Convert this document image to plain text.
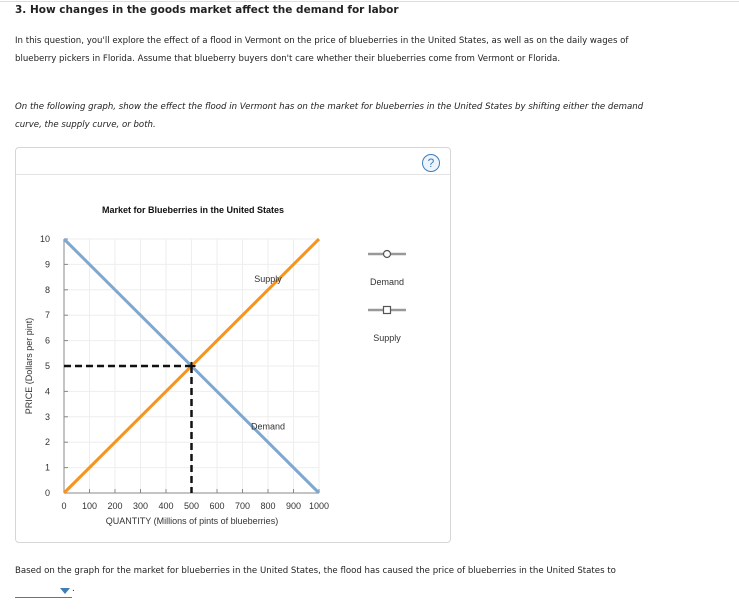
3. How changes in the goods market affect the demand for labor
In this question, you'll explore the effect of a flood in Vermont on the price of blueberries in the United States, as well as on the daily wages of
blueberry pickers in Florida. Assume that blueberry buyers don't care whether their blueberries come from Vermont or Florida.
On the following graph, show the effect the flood in Vermont has on the market for blueberries in the United States by shifting either the demand
curve, the supply curve, or both.
?
0 100 200 300 400 500 600 700 800 900 1000
0
1
2
3
4
5
6
7
8
9
10
Market for Blueberries in the United States
QUANTITY (Millions of pints of blueberries)
PRICE (Dollars per pint)
Demand
Supply	Demand
Supply
Based on the graph for the market for blueberries in the United States, the flood has caused the price of blueberries in the United States to

.
